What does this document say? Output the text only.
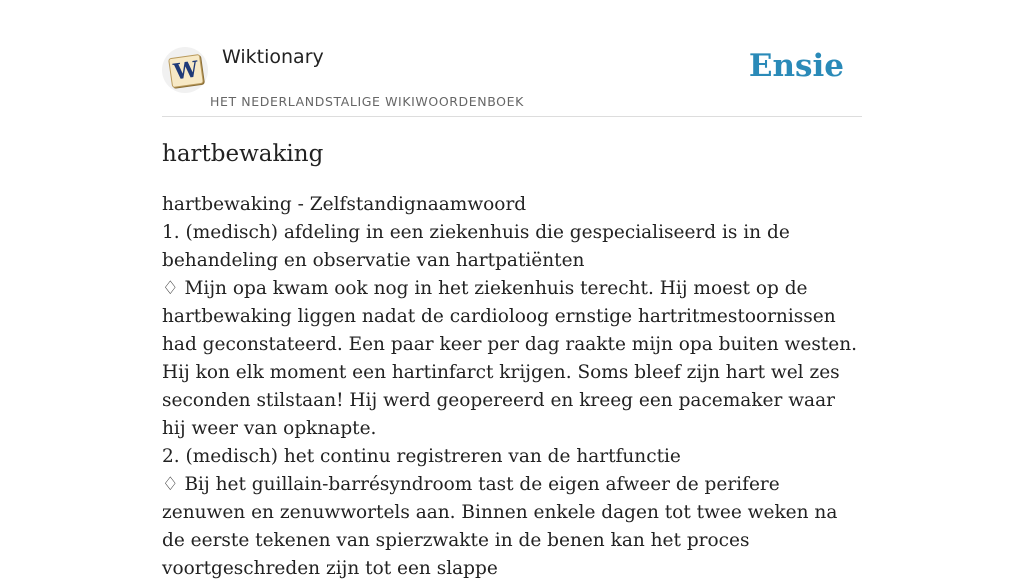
W Wiktionary
HET NEDERLANDSTALIGE WIKIWOORDENBOEK
Ensie
hartbewaking
hartbewaking - Zelfstandignaamwoord
1. (medisch) afdeling in een ziekenhuis die gespecialiseerd is in de behandeling en observatie van hartpatiënten
♢ Mijn opa kwam ook nog in het ziekenhuis terecht. Hij moest op de hartbewaking liggen nadat de cardioloog ernstige hartritmestoornissen had geconstateerd. Een paar keer per dag raakte mijn opa buiten westen. Hij kon elk moment een hartinfarct krijgen. Soms bleef zijn hart wel zes seconden stilstaan! Hij werd geopereerd en kreeg een pacemaker waar hij weer van opknapte.
2. (medisch) het continu registreren van de hartfunctie
♢ Bij het guillain-barrésyndroom tast de eigen afweer de perifere zenuwen en zenuwwortels aan. Binnen enkele dagen tot twee weken na de eerste tekenen van spierzwakte in de benen kan het proces voortgeschreden zijn tot een slappe
